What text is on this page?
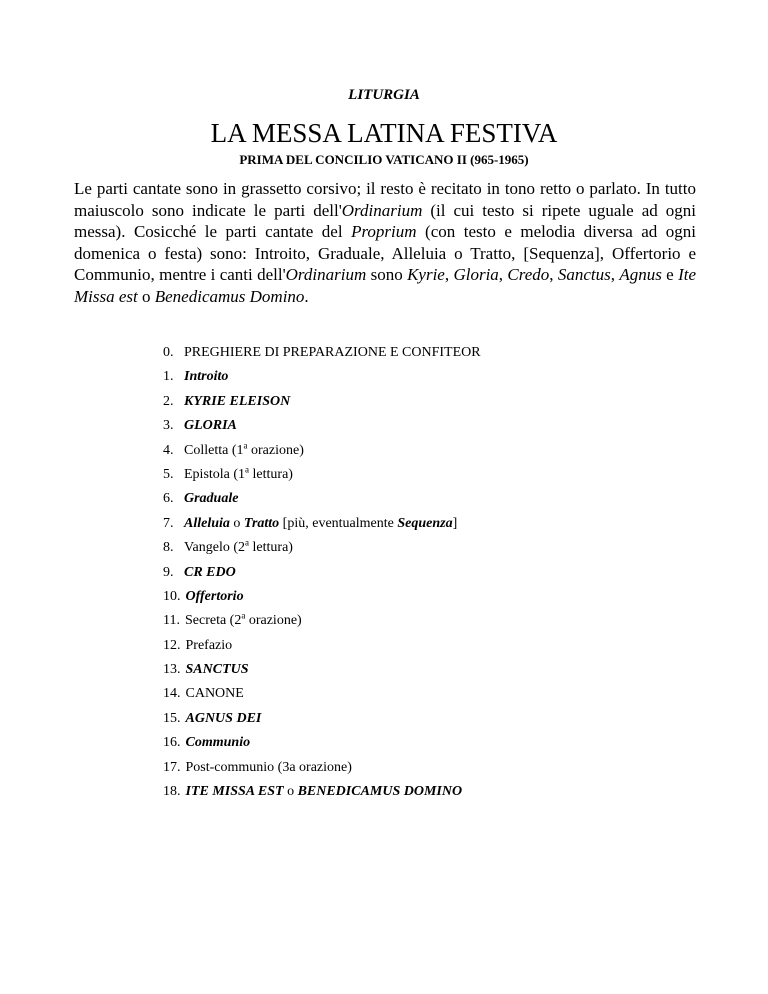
LITURGIA
LA MESSA LATINA FESTIVA
PRIMA DEL CONCILIO VATICANO II (965-1965)

Le parti cantate sono in grassetto corsivo; il resto è recitato in tono retto o parlato. In tutto maiuscolo sono indicate le parti dell'Ordinarium (il cui testo si ripete uguale ad ogni messa). Cosicché le parti cantate del Proprium (con testo e melodia diversa ad ogni domenica o festa) sono: Introito, Graduale, Alleluia o Tratto, [Sequenza], Offertorio e Communio, mentre i canti dell'Ordinarium sono Kyrie, Gloria, Credo, Sanctus, Agnus e Ite Missa est o Benedicamus Domino.

0. PREGHIERE DI PREPARAZIONE E CONFITEOR
1. Introito
2. KYRIE ELEISON
3. GLORIA
4. Colletta (1$^a$ orazione)
5. Epistola (1$^a$ lettura)
6. Graduale
7. Alleluia o Tratto [più, eventualmente Sequenza]
8. Vangelo (2$^a$ lettura)
9. CR EDO
10. Offertorio
11. Secreta (2$^a$ orazione)
12. Prefazio
13. SANCTUS
14. CANONE
15. AGNUS DEI
16. Communio
17. Post-communio (3a orazione)
18. ITE MISSA EST o BENEDICAMUS DOMINO
